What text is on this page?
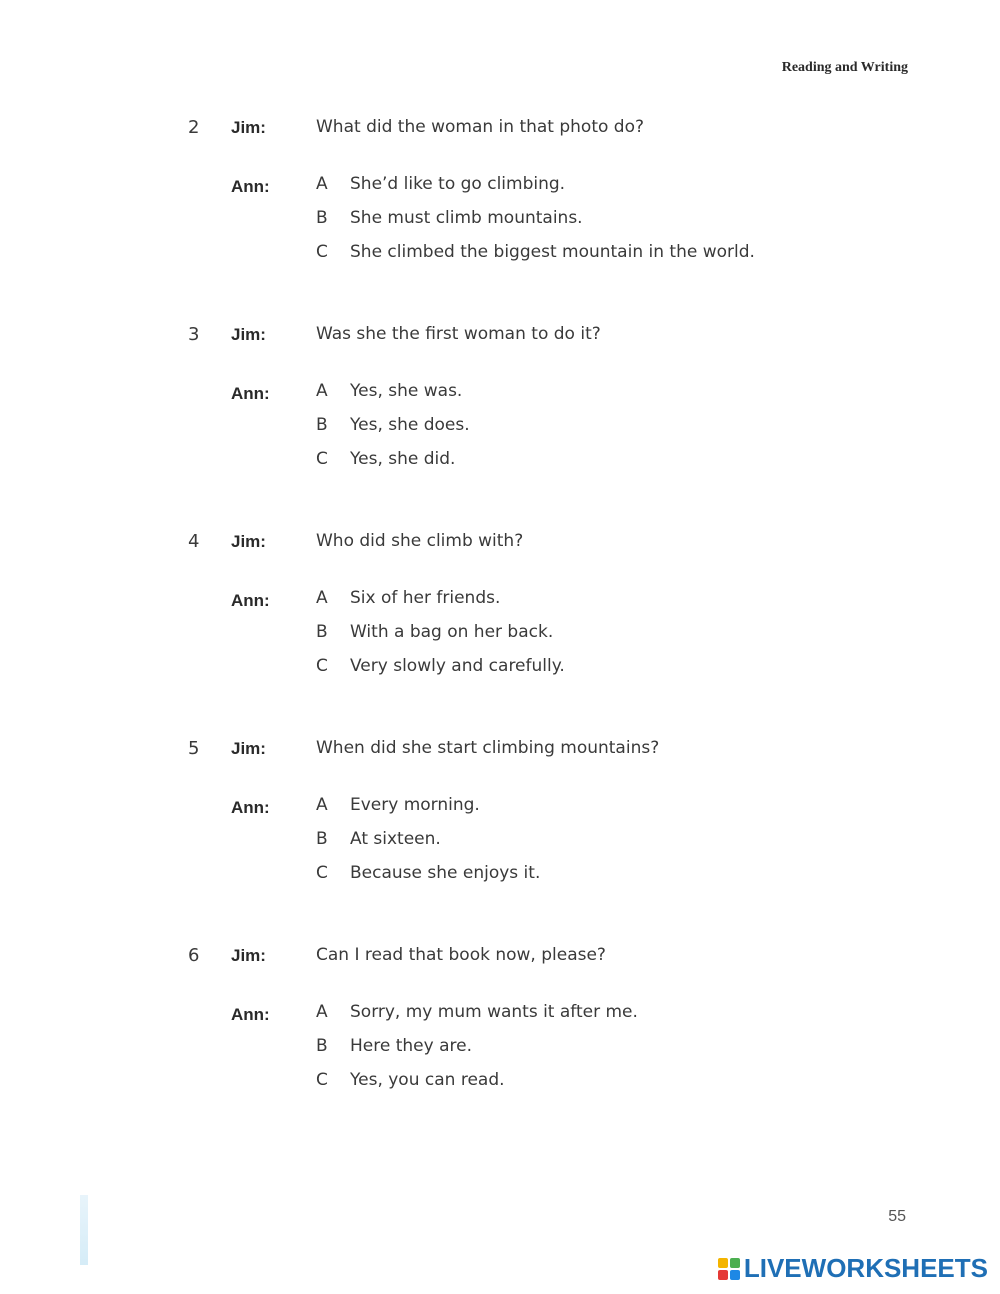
Reading and Writing
2 Jim:	What did the woman in that photo do?
Ann:	A She’d like to go climbing.
B She must climb mountains.
C She climbed the biggest mountain in the world.
3 Jim:	Was she the first woman to do it?
Ann:	A Yes, she was.
B Yes, she does.
C Yes, she did.
4 Jim:	Who did she climb with?
Ann:	A Six of her friends.
B With a bag on her back.
C Very slowly and carefully.
5 Jim:	When did she start climbing mountains?
Ann:	A Every morning.
B At sixteen.
C Because she enjoys it.
6 Jim:	Can I read that book now, please?
Ann:	A Sorry, my mum wants it after me.
B Here they are.
C Yes, you can read.
55
LIVEWORKSHEETS
